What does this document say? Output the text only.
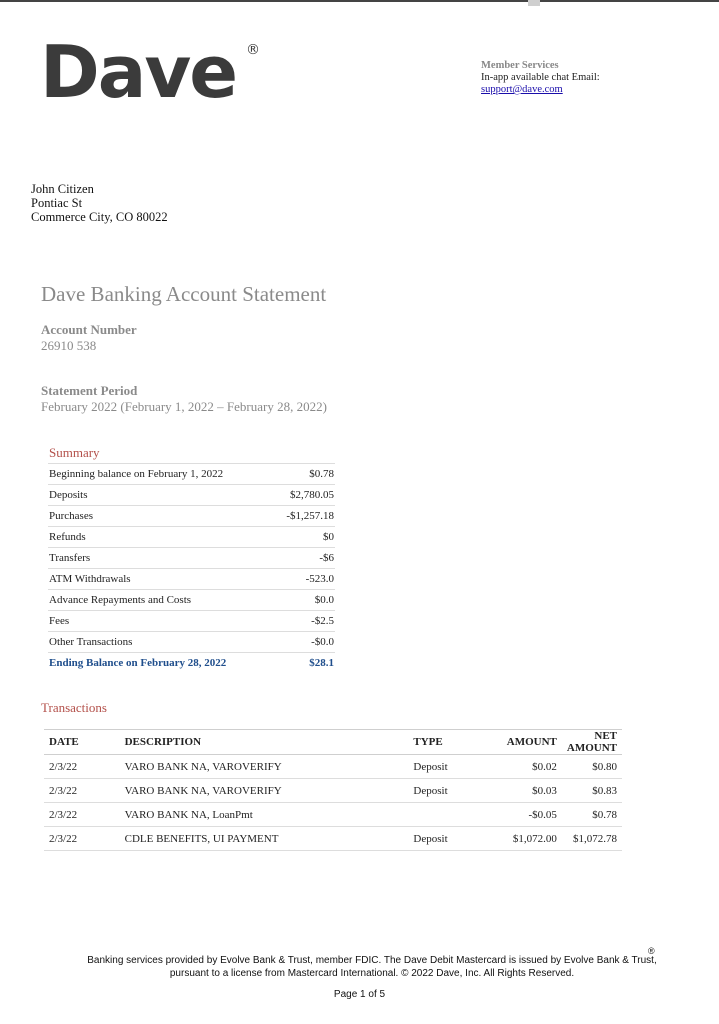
Dave ®
Member Services
In-app available chat Email:
support@dave.com
John Citizen
Pontiac St
Commerce City, CO 80022
Dave Banking Account Statement
Account Number
26910 538
Statement Period
February 2022 (February 1, 2022 – February 28, 2022)
Summary
Beginning balance on February 1, 2022	$0.78
Deposits	$2,780.05
Purchases	-$1,257.18
Refunds	$0
Transfers	-$6
ATM Withdrawals	-523.0
Advance Repayments and Costs	$0.0
Fees	-$2.5
Other Transactions	-$0.0
Ending Balance on February 28, 2022	$28.1
Transactions
DATE	DESCRIPTION	TYPE	AMOUNT	NET AMOUNT
2/3/22	VARO BANK NA, VAROVERIFY	Deposit	$0.02	$0.80
2/3/22	VARO BANK NA, VAROVERIFY	Deposit	$0.03	$0.83
2/3/22	VARO BANK NA, LoanPmt		-$0.05	$0.78
2/3/22	CDLE BENEFITS, UI PAYMENT	Deposit	$1,072.00	$1,072.78
Banking services provided by Evolve Bank & Trust, member FDIC. The Dave Debit Mastercard is issued by Evolve Bank & Trust,
pursuant to a license from Mastercard International. © 2022 Dave, Inc. All Rights Reserved.
®
Page 1 of 5
